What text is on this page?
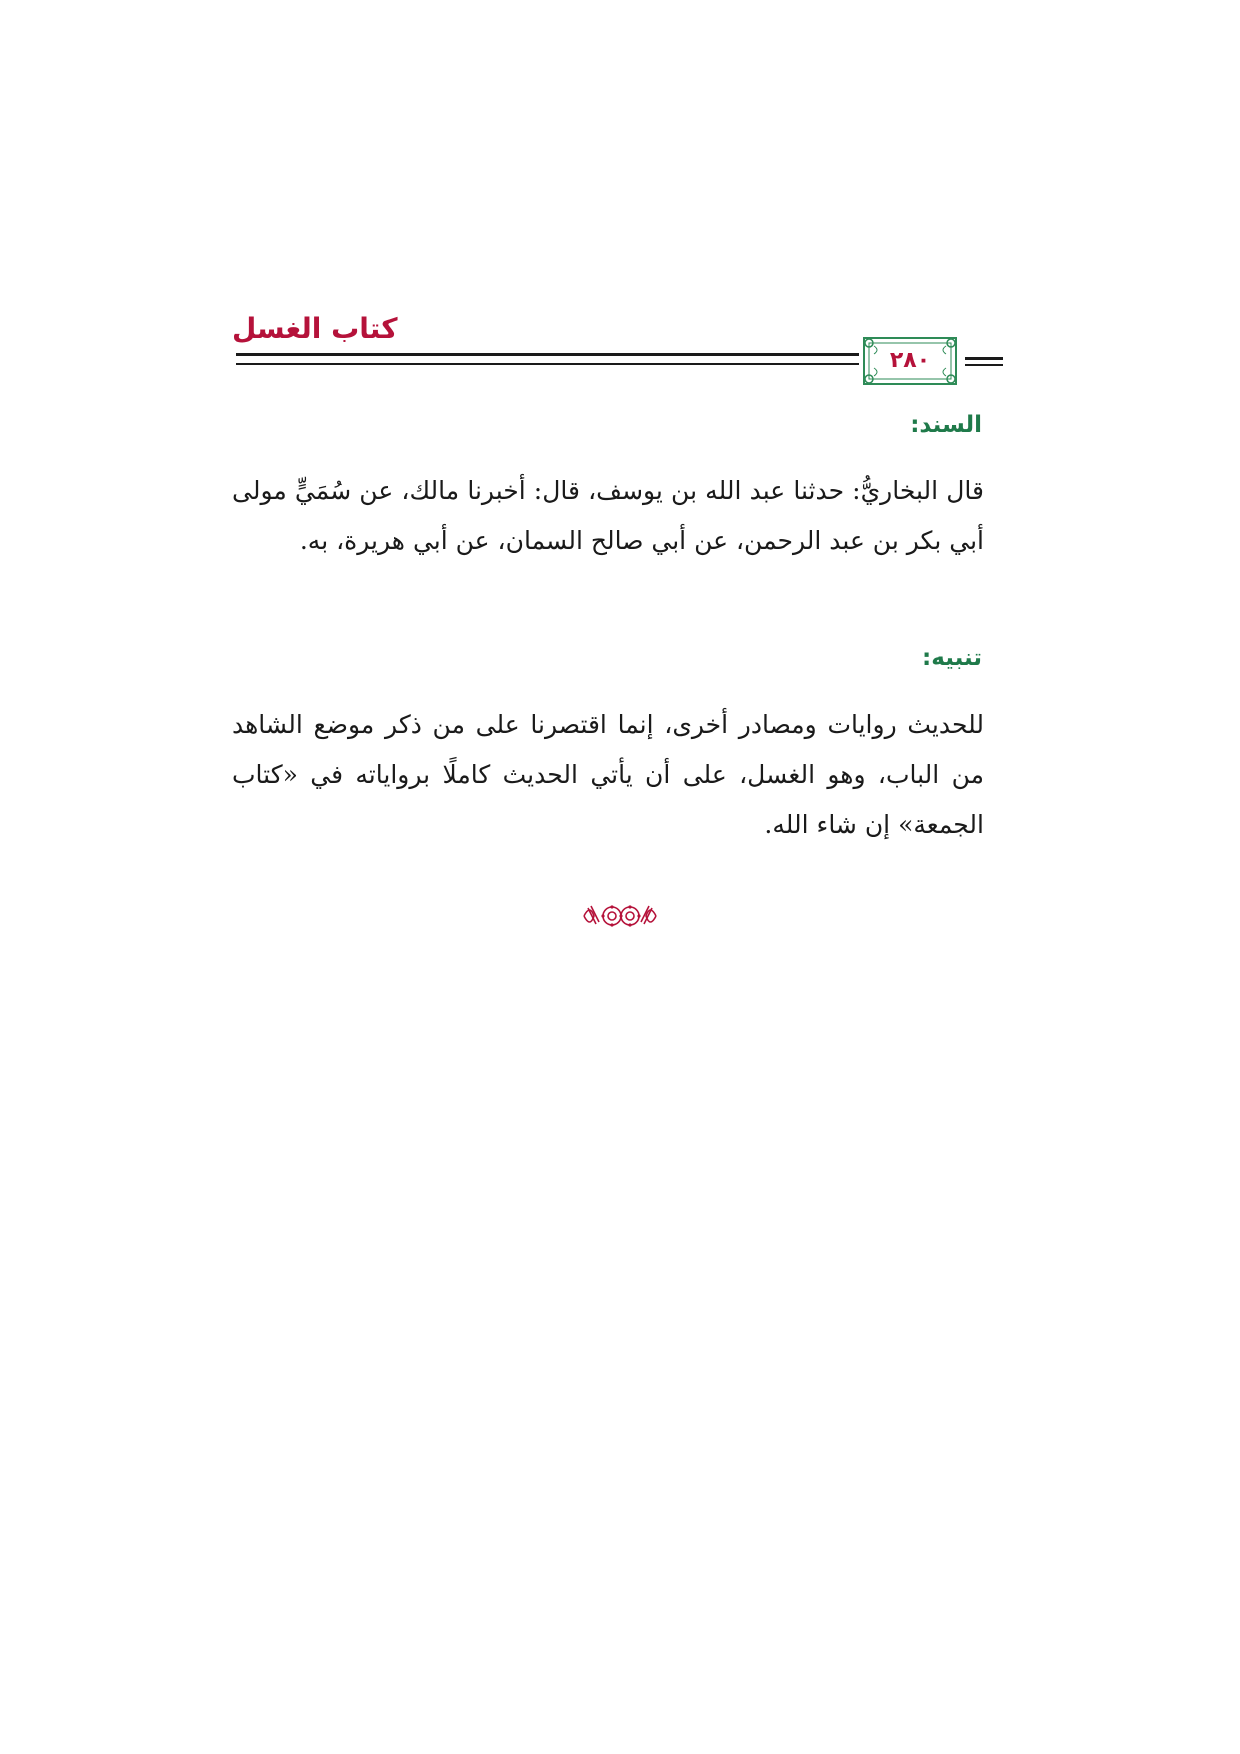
كتاب الغسل
٢٨٠
السند:
قال البخاريُّ: حدثنا عبد الله بن يوسف، قال: أخبرنا مالك، عن سُمَيٍّ مولى أبي بكر بن عبد الرحمن، عن أبي صالح السمان، عن أبي هريرة، به.
تنبيه:
للحديث روايات ومصادر أخرى، إنما اقتصرنا على من ذكر موضع الشاهد من الباب، وهو الغسل، على أن يأتي الحديث كاملًا برواياته في «كتاب الجمعة» إن شاء الله.
